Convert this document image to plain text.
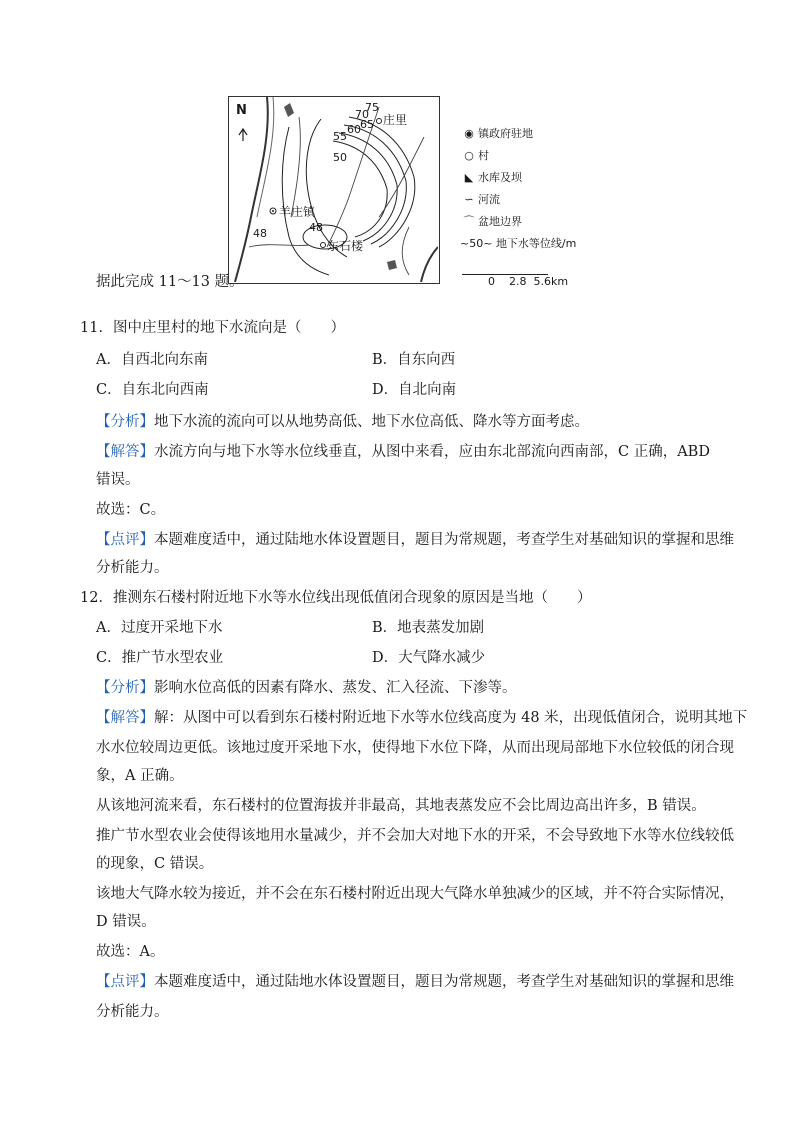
N	75
70
65
60
55
50
48	48
庄里
羊庄镇
东石楼
◉ 镇政府驻地
○ 村
◣ 水库及坝
∽ 河流
⌒ 盆地边界
~50~ 地下水等位线/m

0    2.8  5.6km

据此完成 11～13 题。
11．图中庄里村的地下水流向是（　　）
A．自西北向东南	B．自东向西
C．自东北向西南	D．自北向南
【分析】地下水流的流向可以从地势高低、地下水位高低、降水等方面考虑。
【解答】水流方向与地下水等水位线垂直，从图中来看，应由东北部流向西南部，C 正确，ABD
错误。
故选：C。
【点评】本题难度适中，通过陆地水体设置题目，题目为常规题，考查学生对基础知识的掌握和思维
分析能力。
12．推测东石楼村附近地下水等水位线出现低值闭合现象的原因是当地（　　）
A．过度开采地下水	B．地表蒸发加剧
C．推广节水型农业	D．大气降水减少
【分析】影响水位高低的因素有降水、蒸发、汇入径流、下渗等。
【解答】解：从图中可以看到东石楼村附近地下水等水位线高度为 48 米，出现低值闭合，说明其地下
水水位较周边更低。该地过度开采地下水，使得地下水位下降，从而出现局部地下水位较低的闭合现
象，A 正确。
从该地河流来看，东石楼村的位置海拔并非最高，其地表蒸发应不会比周边高出许多，B 错误。
推广节水型农业会使得该地用水量减少，并不会加大对地下水的开采，不会导致地下水等水位线较低
的现象，C 错误。
该地大气降水较为接近，并不会在东石楼村附近出现大气降水单独减少的区域，并不符合实际情况，
D 错误。
故选：A。
【点评】本题难度适中，通过陆地水体设置题目，题目为常规题，考查学生对基础知识的掌握和思维
分析能力。
